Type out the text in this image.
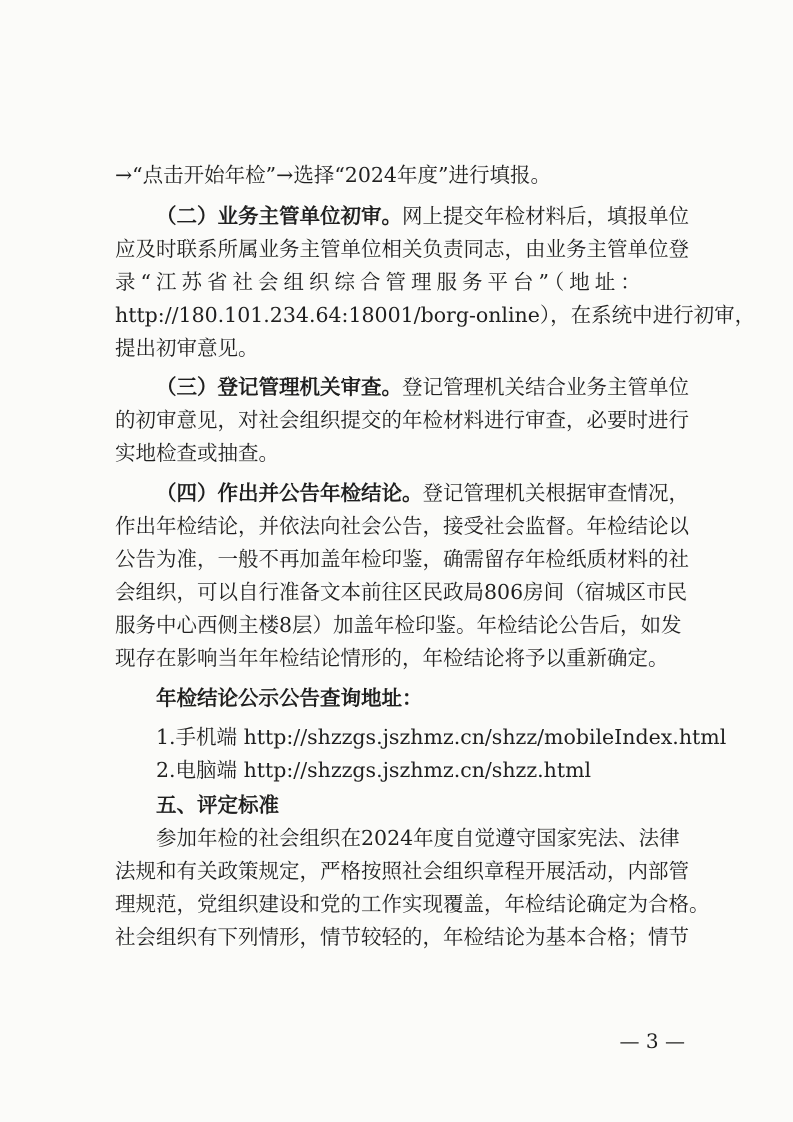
→“点击开始年检”→选择“2024年度”进行填报。
（二）业务主管单位初审。网上提交年检材料后，填报单位
应及时联系所属业务主管单位相关负责同志，由业务主管单位登
录“江苏省社会组织综合管理服务平台”（地址：
http://180.101.234.64:18001/borg-online），在系统中进行初审，
提出初审意见。
（三）登记管理机关审查。登记管理机关结合业务主管单位
的初审意见，对社会组织提交的年检材料进行审查，必要时进行
实地检查或抽查。
（四）作出并公告年检结论。登记管理机关根据审查情况，
作出年检结论，并依法向社会公告，接受社会监督。年检结论以
公告为准，一般不再加盖年检印鉴，确需留存年检纸质材料的社
会组织，可以自行准备文本前往区民政局806房间（宿城区市民
服务中心西侧主楼8层）加盖年检印鉴。年检结论公告后，如发
现存在影响当年年检结论情形的，年检结论将予以重新确定。
年检结论公示公告查询地址：
1.手机端 http://shzzgs.jszhmz.cn/shzz/mobileIndex.html
2.电脑端 http://shzzgs.jszhmz.cn/shzz.html
五、评定标准
参加年检的社会组织在2024年度自觉遵守国家宪法、法律
法规和有关政策规定，严格按照社会组织章程开展活动，内部管
理规范，党组织建设和党的工作实现覆盖，年检结论确定为合格。
社会组织有下列情形，情节较轻的，年检结论为基本合格；情节
— 3 —
